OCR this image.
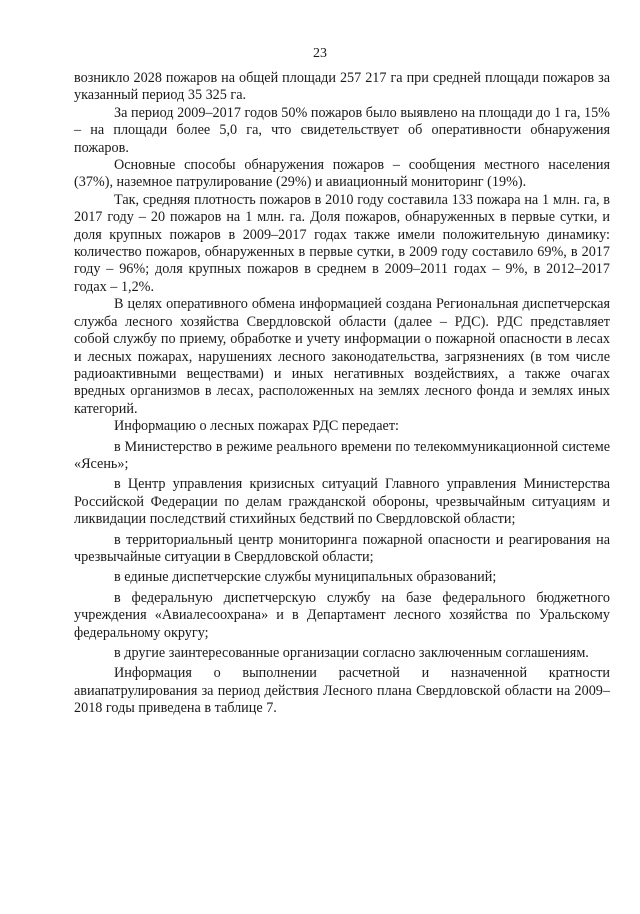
23

возникло 2028 пожаров на общей площади 257 217 га при средней площади пожаров за указанный период 35 325 га.

За период 2009–2017 годов 50% пожаров было выявлено на площади до 1 га, 15% – на площади более 5,0 га, что свидетельствует об оперативности обнаружения пожаров.

Основные способы обнаружения пожаров – сообщения местного населения (37%), наземное патрулирование (29%) и авиационный мониторинг (19%).

Так, средняя плотность пожаров в 2010 году составила 133 пожара на 1 млн. га, в 2017 году – 20 пожаров на 1 млн. га. Доля пожаров, обнаруженных в первые сутки, и доля крупных пожаров в 2009–2017 годах также имели положительную динамику: количество пожаров, обнаруженных в первые сутки, в 2009 году составило 69%, в 2017 году – 96%; доля крупных пожаров в среднем в 2009–2011 годах – 9%, в 2012–2017 годах – 1,2%.

В целях оперативного обмена информацией создана Региональная диспетчерская служба лесного хозяйства Свердловской области (далее – РДС). РДС представляет собой службу по приему, обработке и учету информации о пожарной опасности в лесах и лесных пожарах, нарушениях лесного законодательства, загрязнениях (в том числе радиоактивными веществами) и иных негативных воздействиях, а также очагах вредных организмов в лесах, расположенных на землях лесного фонда и землях иных категорий.

Информацию о лесных пожарах РДС передает:

в Министерство в режиме реального времени по телекоммуникационной системе «Ясень»;

в Центр управления кризисных ситуаций Главного управления Министерства Российской Федерации по делам гражданской обороны, чрезвычайным ситуациям и ликвидации последствий стихийных бедствий по Свердловской области;

в территориальный центр мониторинга пожарной опасности и реагирования на чрезвычайные ситуации в Свердловской области;

в единые диспетчерские службы муниципальных образований;

в федеральную диспетчерскую службу на базе федерального бюджетного учреждения «Авиалесоохрана» и в Департамент лесного хозяйства по Уральскому федеральному округу;

в другие заинтересованные организации согласно заключенным соглашениям.

Информация о выполнении расчетной и назначенной кратности авиапатрулирования за период действия Лесного плана Свердловской области на 2009–2018 годы приведена в таблице 7.
